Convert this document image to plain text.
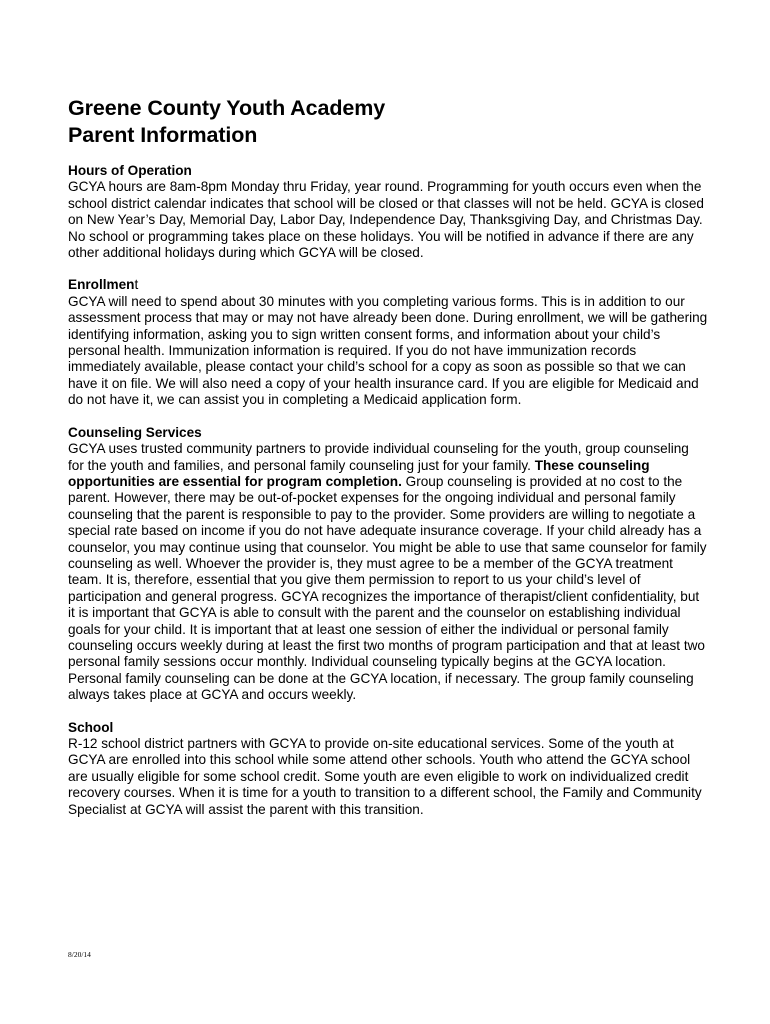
Greene County Youth Academy
Parent Information

Hours of Operation

GCYA hours are 8am-8pm Monday thru Friday, year round. Programming for youth occurs even when the school district calendar indicates that school will be closed or that classes will not be held. GCYA is closed on New Year’s Day, Memorial Day, Labor Day, Independence Day, Thanksgiving Day, and Christmas Day. No school or programming takes place on these holidays. You will be notified in advance if there are any other additional holidays during which GCYA will be closed.

Enrollment

GCYA will need to spend about 30 minutes with you completing various forms. This is in addition to our assessment process that may or may not have already been done. During enrollment, we will be gathering identifying information, asking you to sign written consent forms, and information about your child’s personal health. Immunization information is required. If you do not have immunization records immediately available, please contact your child’s school for a copy as soon as possible so that we can have it on file. We will also need a copy of your health insurance card. If you are eligible for Medicaid and do not have it, we can assist you in completing a Medicaid application form.

Counseling Services

GCYA uses trusted community partners to provide individual counseling for the youth, group counseling for the youth and families, and personal family counseling just for your family. These counseling opportunities are essential for program completion. Group counseling is provided at no cost to the parent. However, there may be out-of-pocket expenses for the ongoing individual and personal family counseling that the parent is responsible to pay to the provider. Some providers are willing to negotiate a special rate based on income if you do not have adequate insurance coverage. If your child already has a counselor, you may continue using that counselor. You might be able to use that same counselor for family counseling as well. Whoever the provider is, they must agree to be a member of the GCYA treatment team. It is, therefore, essential that you give them permission to report to us your child’s level of participation and general progress. GCYA recognizes the importance of therapist/client confidentiality, but it is important that GCYA is able to consult with the parent and the counselor on establishing individual goals for your child. It is important that at least one session of either the individual or personal family counseling occurs weekly during at least the first two months of program participation and that at least two personal family sessions occur monthly. Individual counseling typically begins at the GCYA location. Personal family counseling can be done at the GCYA location, if necessary. The group family counseling always takes place at GCYA and occurs weekly.

School

R-12 school district partners with GCYA to provide on-site educational services. Some of the youth at GCYA are enrolled into this school while some attend other schools. Youth who attend the GCYA school are usually eligible for some school credit. Some youth are even eligible to work on individualized credit recovery courses. When it is time for a youth to transition to a different school, the Family and Community Specialist at GCYA will assist the parent with this transition.

8/20/14
